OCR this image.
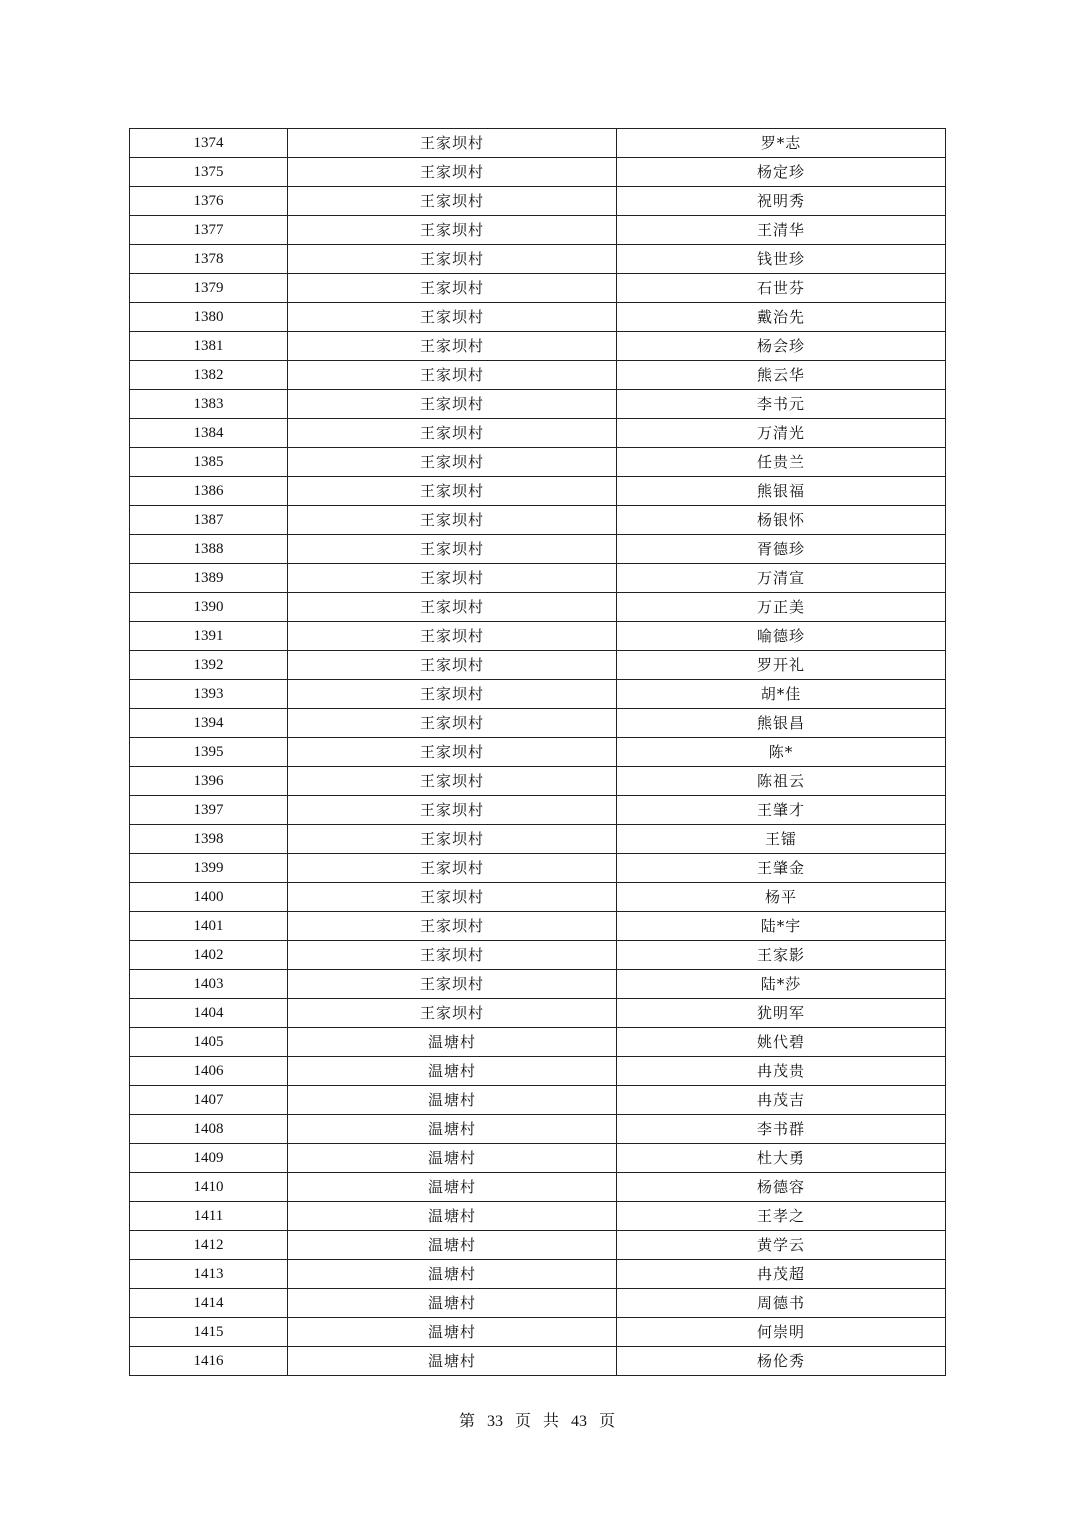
1374	王家坝村	罗*志
1375	王家坝村	杨定珍
1376	王家坝村	祝明秀
1377	王家坝村	王清华
1378	王家坝村	钱世珍
1379	王家坝村	石世芬
1380	王家坝村	戴治先
1381	王家坝村	杨会珍
1382	王家坝村	熊云华
1383	王家坝村	李书元
1384	王家坝村	万清光
1385	王家坝村	任贵兰
1386	王家坝村	熊银福
1387	王家坝村	杨银怀
1388	王家坝村	胥德珍
1389	王家坝村	万清宣
1390	王家坝村	万正美
1391	王家坝村	喻德珍
1392	王家坝村	罗开礼
1393	王家坝村	胡*佳
1394	王家坝村	熊银昌
1395	王家坝村	陈*
1396	王家坝村	陈祖云
1397	王家坝村	王肇才
1398	王家坝村	王镭
1399	王家坝村	王肇金
1400	王家坝村	杨平
1401	王家坝村	陆*宇
1402	王家坝村	王家影
1403	王家坝村	陆*莎
1404	王家坝村	犹明军
1405	温塘村	姚代碧
1406	温塘村	冉茂贵
1407	温塘村	冉茂吉
1408	温塘村	李书群
1409	温塘村	杜大勇
1410	温塘村	杨德容
1411	温塘村	王孝之
1412	温塘村	黄学云
1413	温塘村	冉茂超
1414	温塘村	周德书
1415	温塘村	何崇明
1416	温塘村	杨伦秀
第 33 页 共 43 页
